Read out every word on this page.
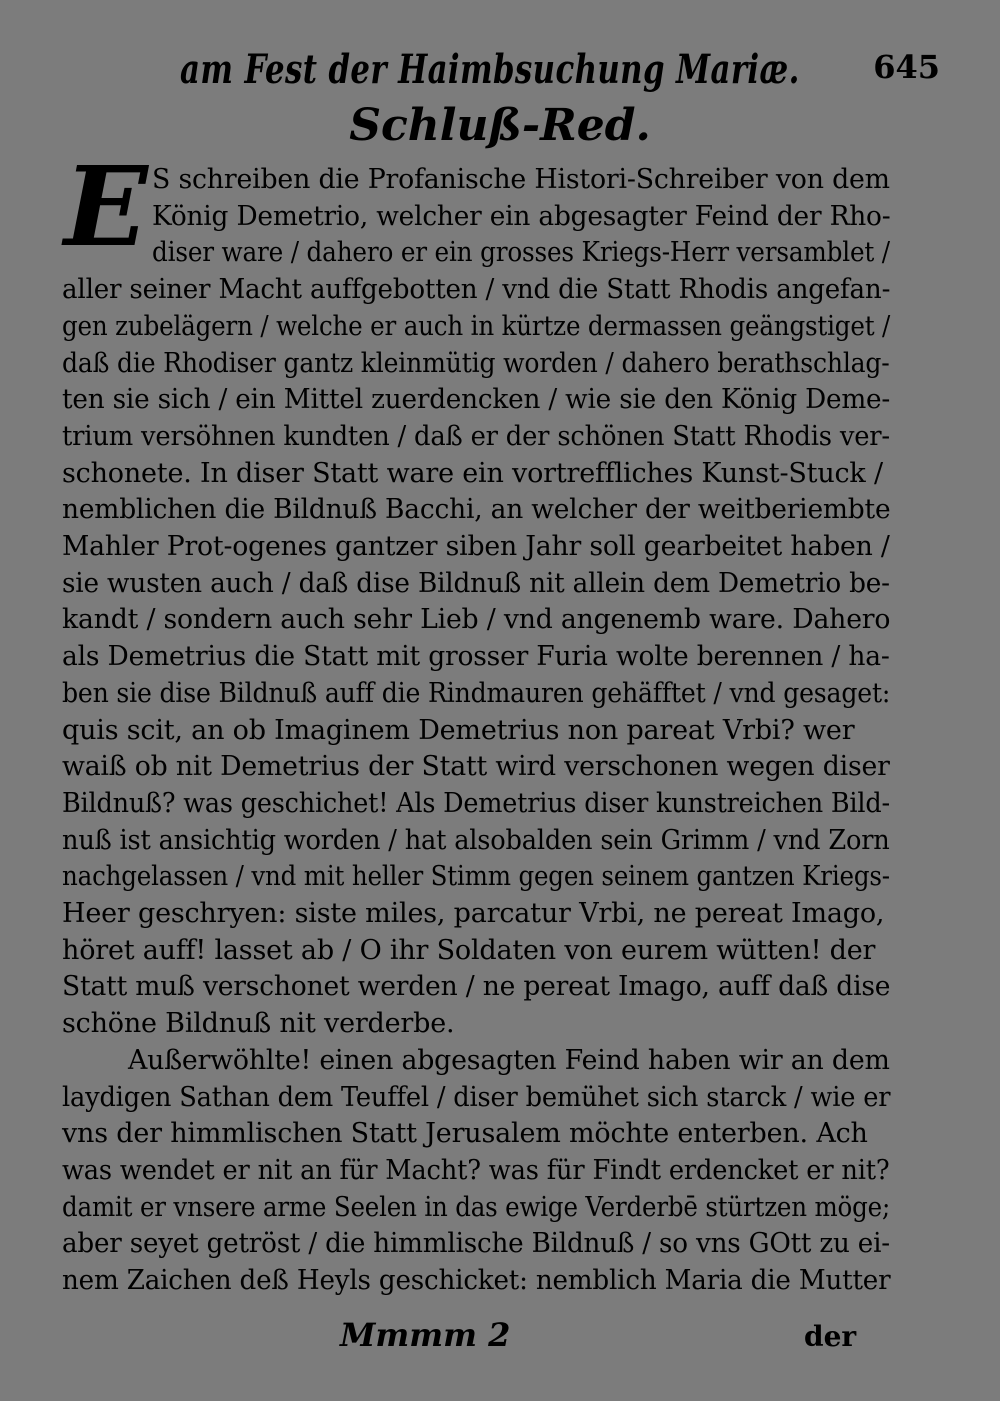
am Fest der Haimbsuchung Mariæ. 645
Schluß-Red.
E S schreiben die Profanische Histori-Schreiber von dem
König Demetrio, welcher ein abgesagter Feind der Rho-
diser ware / dahero er ein grosses Kriegs-Herr versamblet /
aller seiner Macht auffgebotten / vnd die Statt Rhodis angefan-
gen zubelägern / welche er auch in kürtze dermassen geängstiget /
daß die Rhodiser gantz kleinmütig worden / dahero berathschlag-
ten sie sich / ein Mittel zuerdencken / wie sie den König Deme-
trium versöhnen kundten / daß er der schönen Statt Rhodis ver-
schonete. In diser Statt ware ein vortreffliches Kunst-Stuck /
nemblichen die Bildnuß Bacchi, an welcher der weitberiembte
Mahler Prot-ogenes gantzer siben Jahr soll gearbeitet haben /
sie wusten auch / daß dise Bildnuß nit allein dem Demetrio be-
kandt / sondern auch sehr Lieb / vnd angenemb ware. Dahero
als Demetrius die Statt mit grosser Furia wolte berennen / ha-
ben sie dise Bildnuß auff die Rindmauren gehäfftet / vnd gesaget:
quis scit, an ob Imaginem Demetrius non pareat Vrbi? wer
waiß ob nit Demetrius der Statt wird verschonen wegen diser
Bildnuß? was geschichet! Als Demetrius diser kunstreichen Bild-
nuß ist ansichtig worden / hat alsobalden sein Grimm / vnd Zorn
nachgelassen / vnd mit heller Stimm gegen seinem gantzen Kriegs-
Heer geschryen: siste miles, parcatur Vrbi, ne pereat Imago,
höret auff! lasset ab / O ihr Soldaten von eurem wütten! der
Statt muß verschonet werden / ne pereat Imago, auff daß dise
schöne Bildnuß nit verderbe.
Außerwöhlte! einen abgesagten Feind haben wir an dem
laydigen Sathan dem Teuffel / diser bemühet sich starck / wie er
vns der himmlischen Statt Jerusalem möchte enterben. Ach
was wendet er nit an für Macht? was für Findt erdencket er nit?
damit er vnsere arme Seelen in das ewige Verderbē stürtzen möge;
aber seyet getröst / die himmlische Bildnuß / so vns GOtt zu ei-
nem Zaichen deß Heyls geschicket: nemblich Maria die Mutter
Mmmm 2	der
